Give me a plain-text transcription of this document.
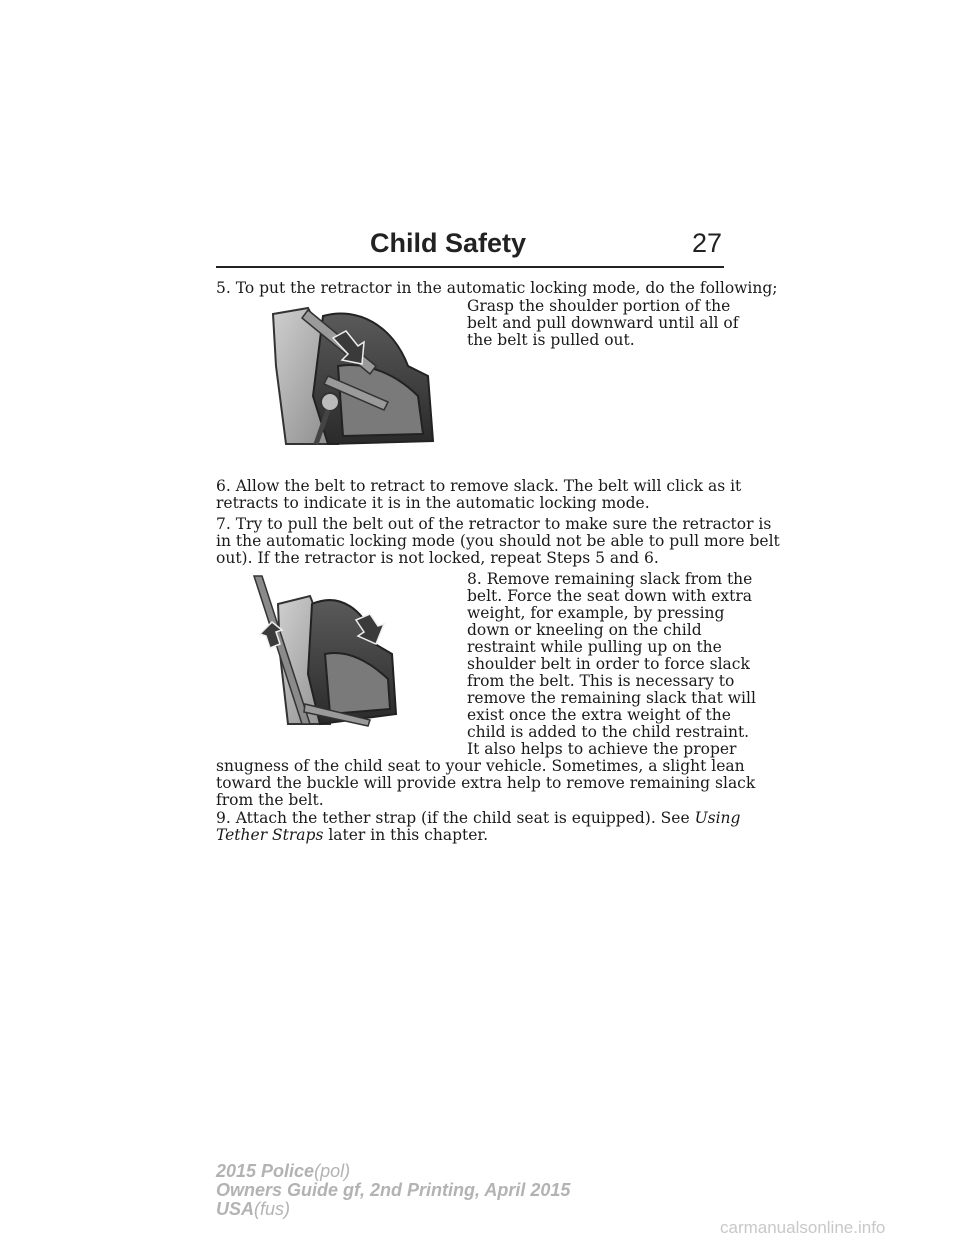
Child Safety	27

5. To put the retractor in the automatic locking mode, do the following;

Grasp the shoulder portion of the
belt and pull downward until all of
the belt is pulled out.
6. Allow the belt to retract to remove slack. The belt will click as it
retracts to indicate it is in the automatic locking mode.
7. Try to pull the belt out of the retractor to make sure the retractor is
in the automatic locking mode (you should not be able to pull more belt
out). If the retractor is not locked, repeat Steps 5 and 6.
8. Remove remaining slack from the
belt. Force the seat down with extra
weight, for example, by pressing
down or kneeling on the child
restraint while pulling up on the
shoulder belt in order to force slack
from the belt. This is necessary to
remove the remaining slack that will
exist once the extra weight of the
child is added to the child restraint.
It also helps to achieve the proper
snugness of the child seat to your vehicle. Sometimes, a slight lean
toward the buckle will provide extra help to remove remaining slack
from the belt.
9. Attach the tether strap (if the child seat is equipped). See Using
Tether Straps later in this chapter.
2015 Police(pol)
Owners Guide gf, 2nd Printing, April 2015
USA(fus)
carmanualsonline.info
